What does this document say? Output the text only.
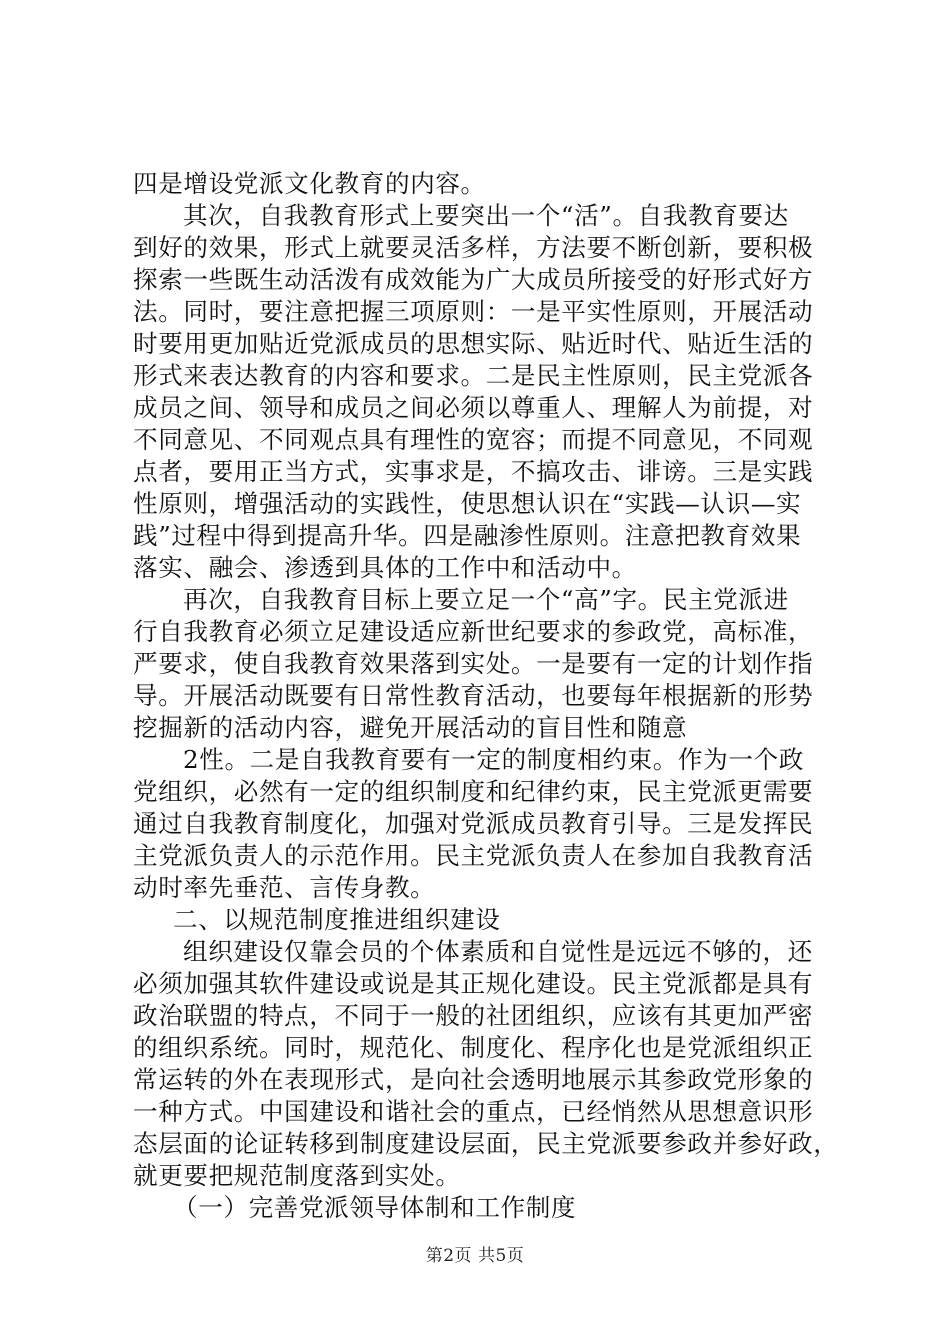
四是增设党派文化教育的内容。
其次，自我教育形式上要突出一个“活”。自我教育要达
到好的效果，形式上就要灵活多样，方法要不断创新，要积极
探索一些既生动活泼有成效能为广大成员所接受的好形式好方
法。同时，要注意把握三项原则：一是平实性原则，开展活动
时要用更加贴近党派成员的思想实际、贴近时代、贴近生活的
形式来表达教育的内容和要求。二是民主性原则，民主党派各
成员之间、领导和成员之间必须以尊重人、理解人为前提，对
不同意见、不同观点具有理性的宽容；而提不同意见，不同观
点者，要用正当方式，实事求是，不搞攻击、诽谤。三是实践
性原则，增强活动的实践性，使思想认识在“实践—认识—实
践”过程中得到提高升华。四是融渗性原则。注意把教育效果
落实、融会、渗透到具体的工作中和活动中。
再次，自我教育目标上要立足一个“高”字。民主党派进
行自我教育必须立足建设适应新世纪要求的参政党，高标准，
严要求，使自我教育效果落到实处。一是要有一定的计划作指
导。开展活动既要有日常性教育活动，也要每年根据新的形势
挖掘新的活动内容，避免开展活动的盲目性和随意
2性。二是自我教育要有一定的制度相约束。作为一个政
党组织，必然有一定的组织制度和纪律约束，民主党派更需要
通过自我教育制度化，加强对党派成员教育引导。三是发挥民
主党派负责人的示范作用。民主党派负责人在参加自我教育活
动时率先垂范、言传身教。
二、以规范制度推进组织建设
组织建设仅靠会员的个体素质和自觉性是远远不够的，还
必须加强其软件建设或说是其正规化建设。民主党派都是具有
政治联盟的特点，不同于一般的社团组织，应该有其更加严密
的组织系统。同时，规范化、制度化、程序化也是党派组织正
常运转的外在表现形式，是向社会透明地展示其参政党形象的
一种方式。中国建设和谐社会的重点，已经悄然从思想意识形
态层面的论证转移到制度建设层面，民主党派要参政并参好政，
就更要把规范制度落到实处。
（一）完善党派领导体制和工作制度
第2页 共5页
